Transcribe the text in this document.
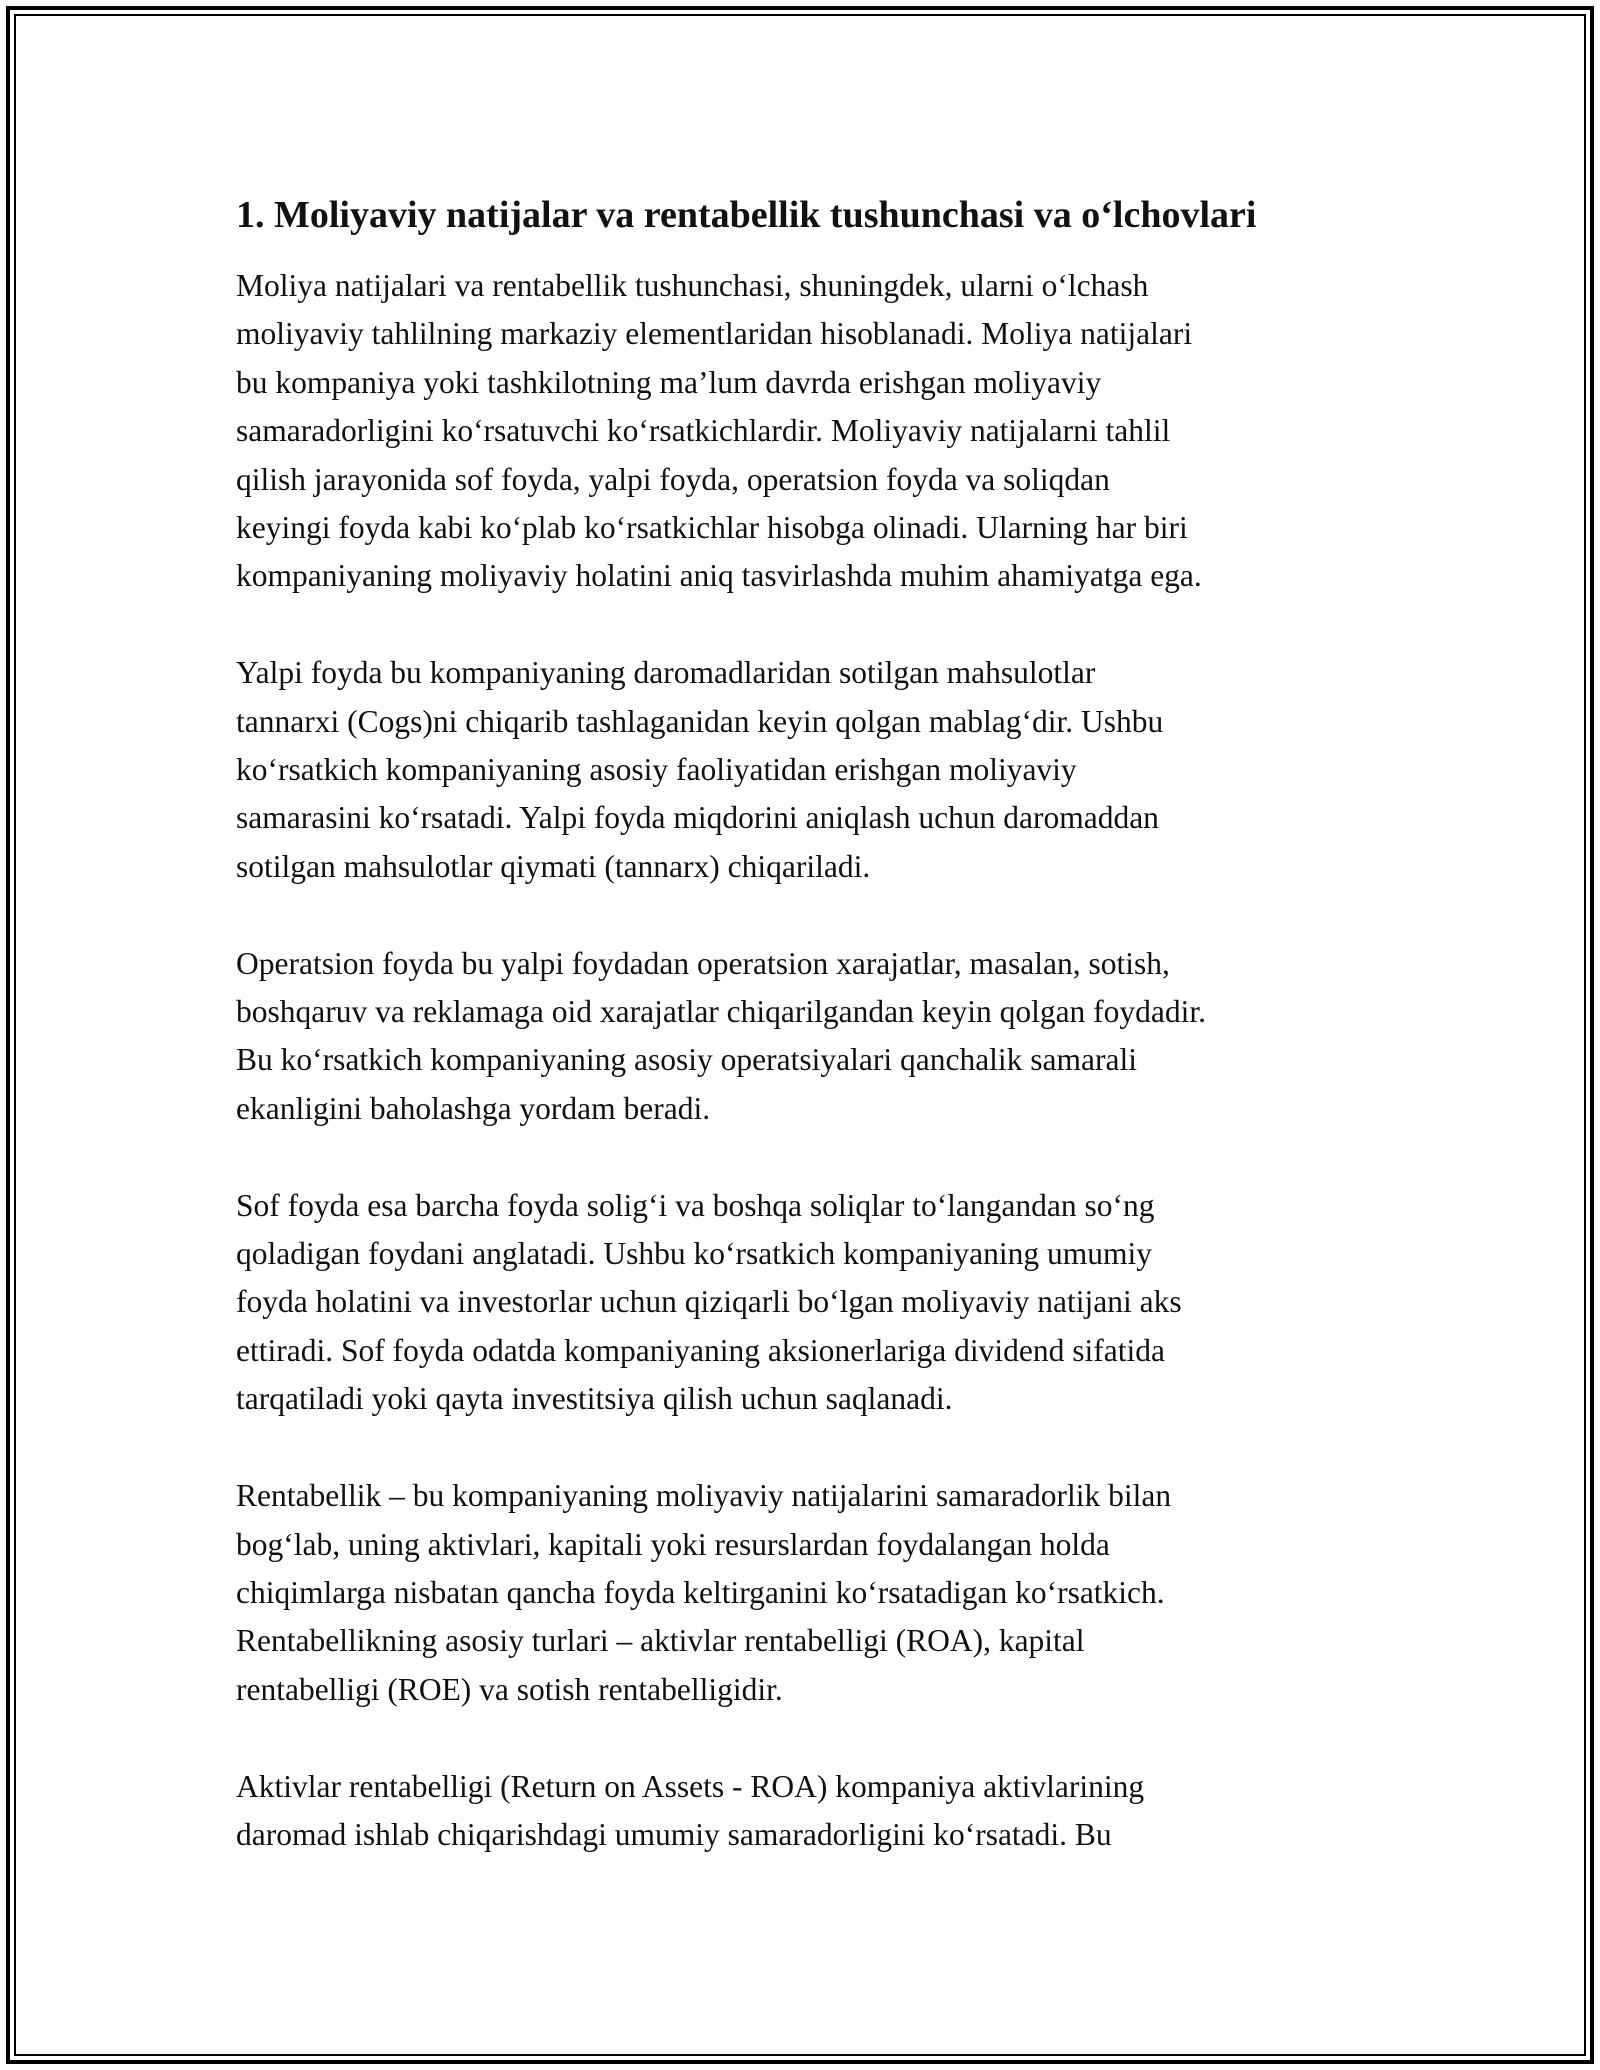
1. Moliyaviy natijalar va rentabellik tushunchasi va o‘lchovlari

Moliya natijalari va rentabellik tushunchasi, shuningdek, ularni o‘lchash
moliyaviy tahlilning markaziy elementlaridan hisoblanadi. Moliya natijalari
bu kompaniya yoki tashkilotning ma’lum davrda erishgan moliyaviy
samaradorligini ko‘rsatuvchi ko‘rsatkichlardir. Moliyaviy natijalarni tahlil
qilish jarayonida sof foyda, yalpi foyda, operatsion foyda va soliqdan
keyingi foyda kabi ko‘plab ko‘rsatkichlar hisobga olinadi. Ularning har biri
kompaniyaning moliyaviy holatini aniq tasvirlashda muhim ahamiyatga ega.

Yalpi foyda bu kompaniyaning daromadlaridan sotilgan mahsulotlar
tannarxi (Cogs)ni chiqarib tashlaganidan keyin qolgan mablag‘dir. Ushbu
ko‘rsatkich kompaniyaning asosiy faoliyatidan erishgan moliyaviy
samarasini ko‘rsatadi. Yalpi foyda miqdorini aniqlash uchun daromaddan
sotilgan mahsulotlar qiymati (tannarx) chiqariladi.

Operatsion foyda bu yalpi foydadan operatsion xarajatlar, masalan, sotish,
boshqaruv va reklamaga oid xarajatlar chiqarilgandan keyin qolgan foydadir.
Bu ko‘rsatkich kompaniyaning asosiy operatsiyalari qanchalik samarali
ekanligini baholashga yordam beradi.

Sof foyda esa barcha foyda solig‘i va boshqa soliqlar to‘langandan so‘ng
qoladigan foydani anglatadi. Ushbu ko‘rsatkich kompaniyaning umumiy
foyda holatini va investorlar uchun qiziqarli bo‘lgan moliyaviy natijani aks
ettiradi. Sof foyda odatda kompaniyaning aksionerlariga dividend sifatida
tarqatiladi yoki qayta investitsiya qilish uchun saqlanadi.

Rentabellik – bu kompaniyaning moliyaviy natijalarini samaradorlik bilan
bog‘lab, uning aktivlari, kapitali yoki resurslardan foydalangan holda
chiqimlarga nisbatan qancha foyda keltirganini ko‘rsatadigan ko‘rsatkich.
Rentabellikning asosiy turlari – aktivlar rentabelligi (ROA), kapital
rentabelligi (ROE) va sotish rentabelligidir.

Aktivlar rentabelligi (Return on Assets - ROA) kompaniya aktivlarining
daromad ishlab chiqarishdagi umumiy samaradorligini ko‘rsatadi. Bu
